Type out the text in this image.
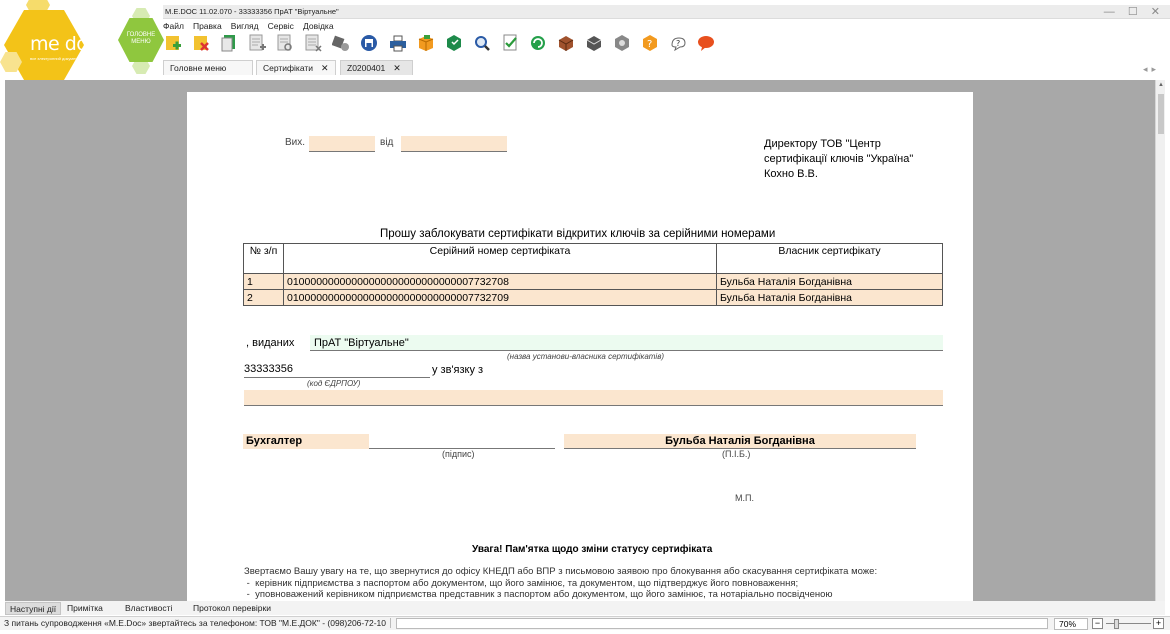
me doc
все электронний документ
ГОЛОВНЕ МЕНЮ
M.E.DOC 11.02.070 - 33333356 ПрАТ "Віртуальне"	— ☐ ✕
Файл Правка Вигляд Сервіс Довідка

?
	?

Головне меню	Сертифікати ✕	Z0200401 ✕	◂▸
Вих.	від	Директору ТОВ "Центр
сертифікації ключів "Україна"
Кохно В.В.
Прошу заблокувати сертифікати відкритих ключів за серійними номерами
№ з/п	Серійний номер сертифіката	Власник сертифікату
1	01000000000000000000000000000007732708	Бульба Наталія Богданівна
2	01000000000000000000000000000007732709	Бульба Наталія Богданівна
, виданих	ПрАТ "Віртуальне"
(назва установи-власника сертифікатів)
33333356	у зв'язку з
(код ЄДРПОУ)
Бухгалтер
(підпис)
Бульба Наталія Богданівна
(П.І.Б.)
М.П.
Увага! Пам'ятка щодо зміни статусу сертифіката
Звертаємо Вашу увагу на те, що звернутися до офісу КНЕДП або ВПР з письмовою заявою про блокування або скасування сертифіката може:
-  керівник підприємства з паспортом або документом, що його замінює, та документом, що підтверджує його повноваження;
-  уповноважений керівником підприємства представник з паспортом або документом, що його замінює, та нотаріально посвідченою
▲
Наступні дії	Примітка	Властивості	Протокол перевірки
З питань супроводження «M.E.Doc» звертайтесь за телефоном: ТОВ "М.Е.ДОК" - (098)206-72-10	70%	−	+
